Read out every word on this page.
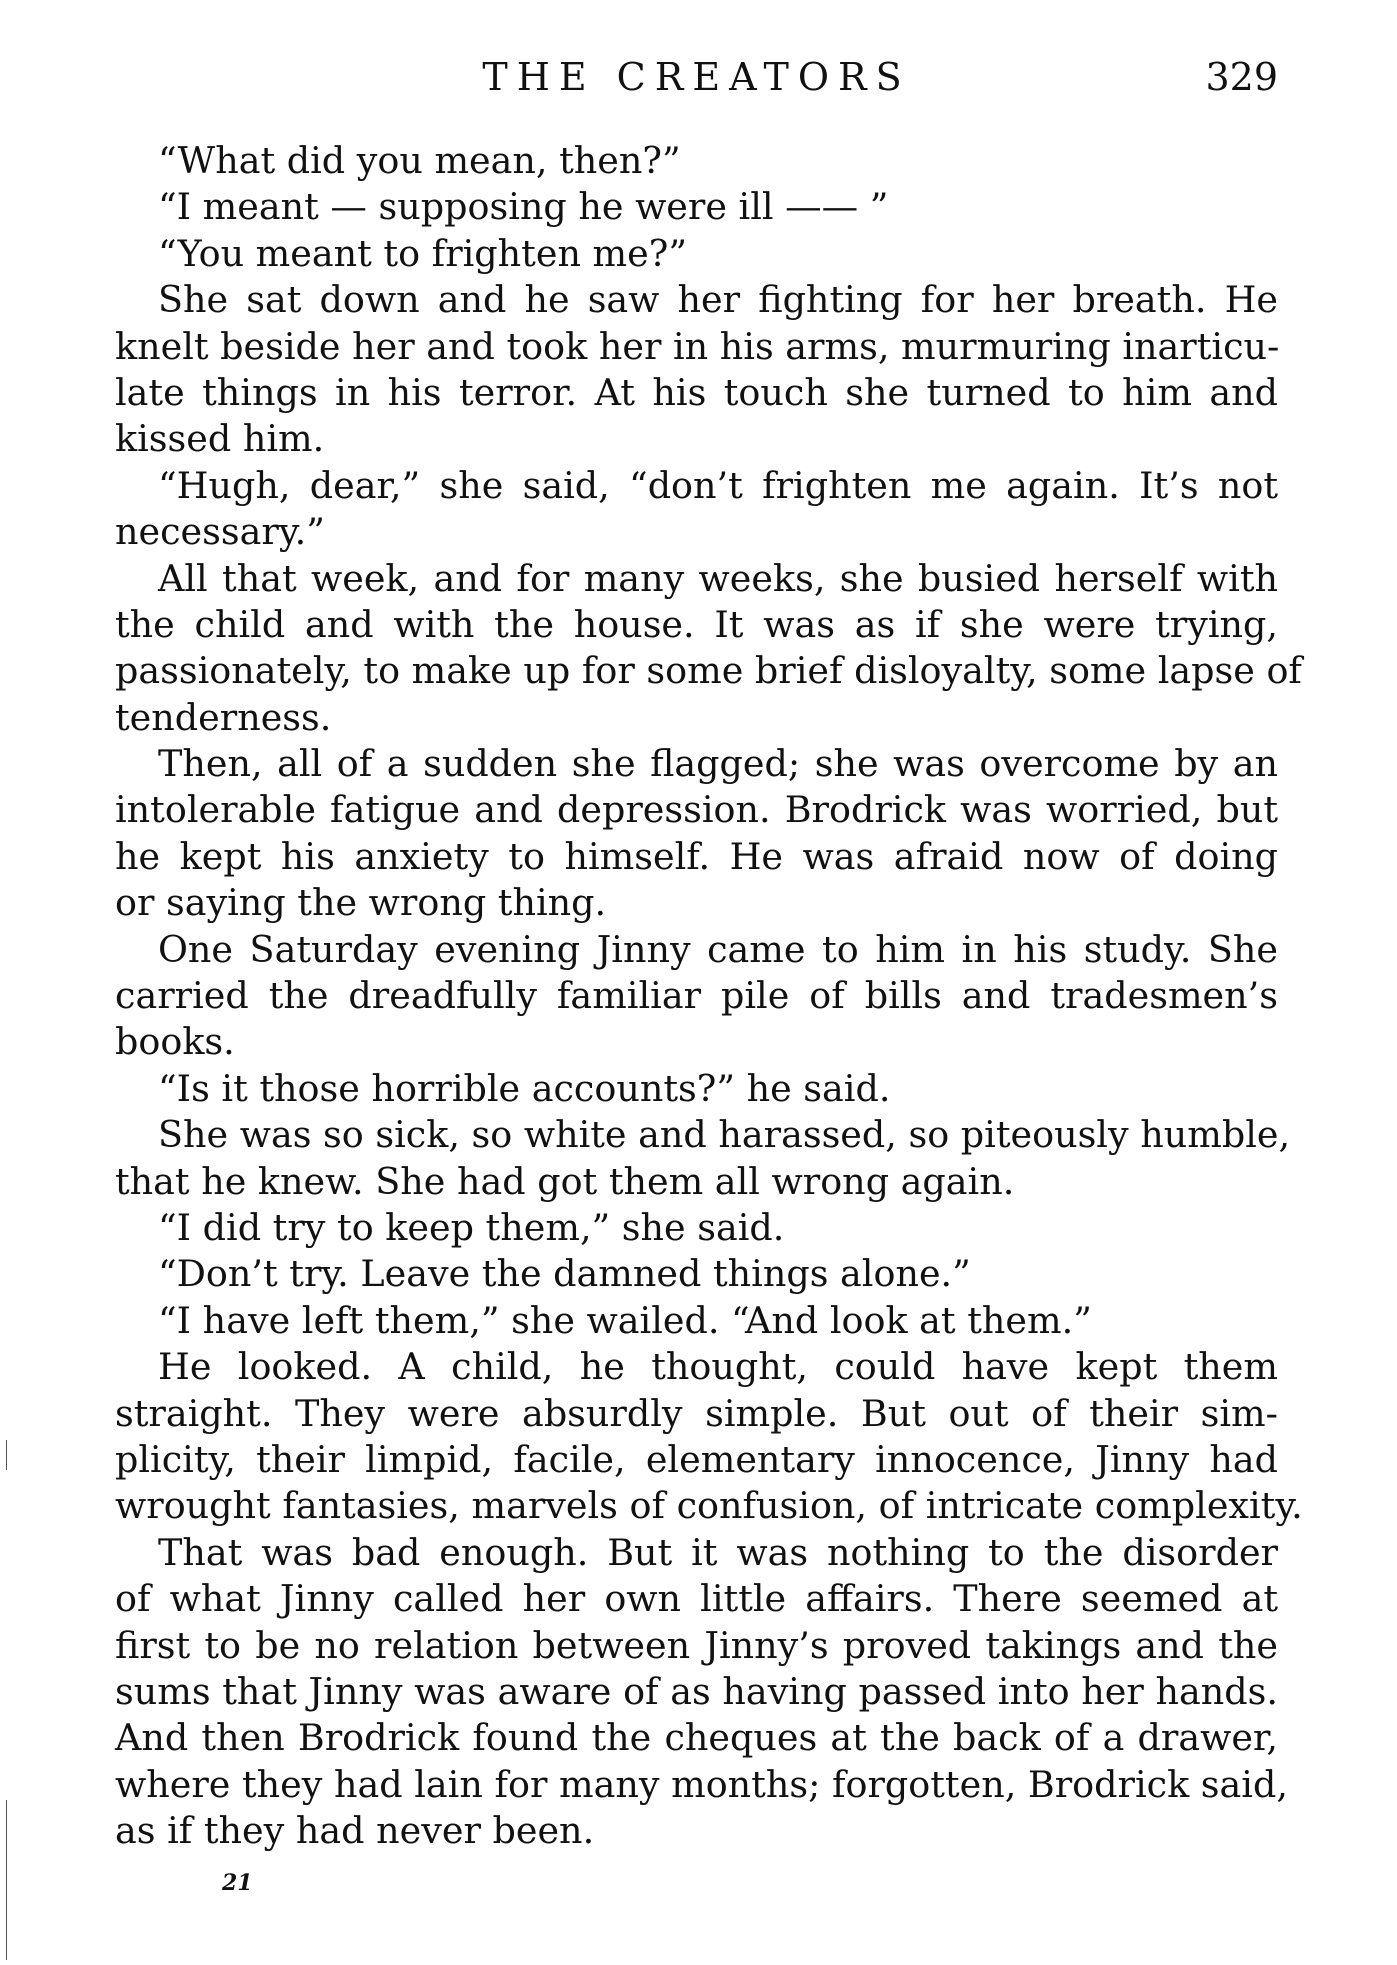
THE CREATORS	329
“What did you mean, then?”
“I meant — supposing he were ill —— ”
“You meant to frighten me?”
She sat down and he saw her fighting for her breath. He
knelt beside her and took her in his arms, murmuring inarticu-
late things in his terror. At his touch she turned to him and
kissed him.
“Hugh, dear,” she said, “don’t frighten me again. It’s not
necessary.”
All that week, and for many weeks, she busied herself with
the child and with the house. It was as if she were trying,
passionately, to make up for some brief disloyalty, some lapse of
tenderness.
Then, all of a sudden she flagged; she was overcome by an
intolerable fatigue and depression. Brodrick was worried, but
he kept his anxiety to himself. He was afraid now of doing
or saying the wrong thing.
One Saturday evening Jinny came to him in his study. She
carried the dreadfully familiar pile of bills and tradesmen’s
books.
“Is it those horrible accounts?” he said.
She was so sick, so white and harassed, so piteously humble,
that he knew. She had got them all wrong again.
“I did try to keep them,” she said.
“Don’t try. Leave the damned things alone.”
“I have left them,” she wailed. “And look at them.”
He looked. A child, he thought, could have kept them
straight. They were absurdly simple. But out of their sim-
plicity, their limpid, facile, elementary innocence, Jinny had
wrought fantasies, marvels of confusion, of intricate complexity.
That was bad enough. But it was nothing to the disorder
of what Jinny called her own little affairs. There seemed at
first to be no relation between Jinny’s proved takings and the
sums that Jinny was aware of as having passed into her hands.
And then Brodrick found the cheques at the back of a drawer,
where they had lain for many months; forgotten, Brodrick said,
as if they had never been.
21
